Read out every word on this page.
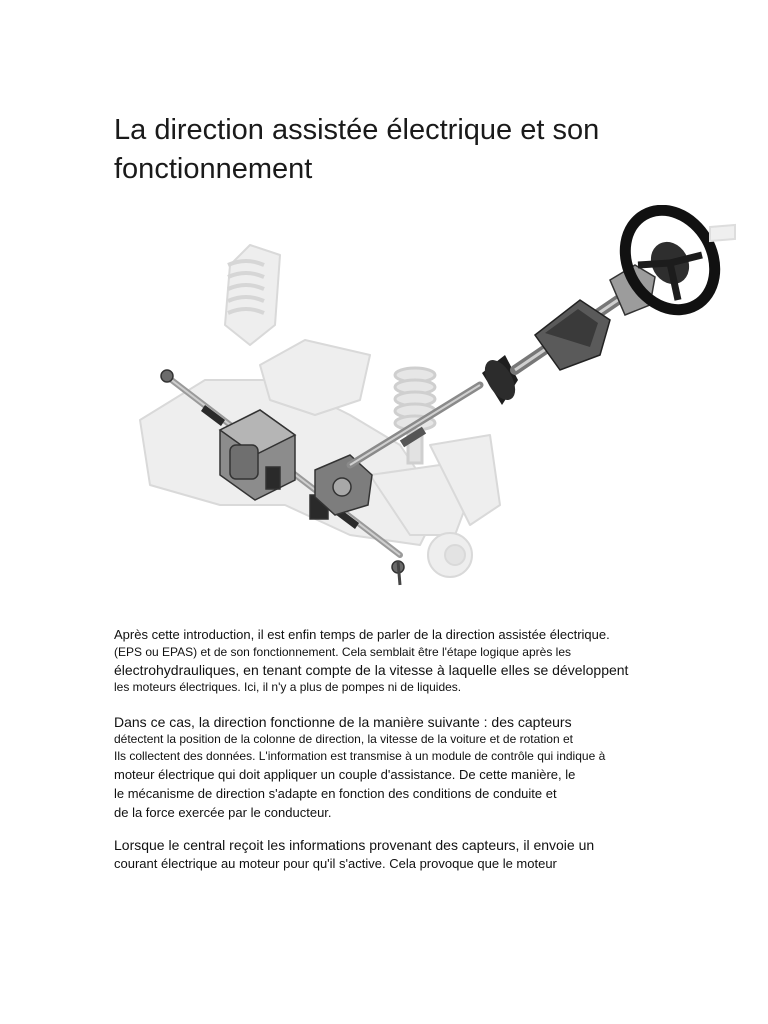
La direction assistée électrique et son
fonctionnement

Après cette introduction, il est enfin temps de parler de la direction assistée électrique.
(EPS ou EPAS) et de son fonctionnement. Cela semblait être l'étape logique après les
électrohydrauliques, en tenant compte de la vitesse à laquelle elles se développent
les moteurs électriques. Ici, il n'y a plus de pompes ni de liquides.

Dans ce cas, la direction fonctionne de la manière suivante : des capteurs
détectent la position de la colonne de direction, la vitesse de la voiture et de rotation et
Ils collectent des données. L'information est transmise à un module de contrôle qui indique à
moteur électrique qui doit appliquer un couple d'assistance. De cette manière, le
le mécanisme de direction s'adapte en fonction des conditions de conduite et
de la force exercée par le conducteur.

Lorsque le central reçoit les informations provenant des capteurs, il envoie un
courant électrique au moteur pour qu'il s'active. Cela provoque que le moteur
